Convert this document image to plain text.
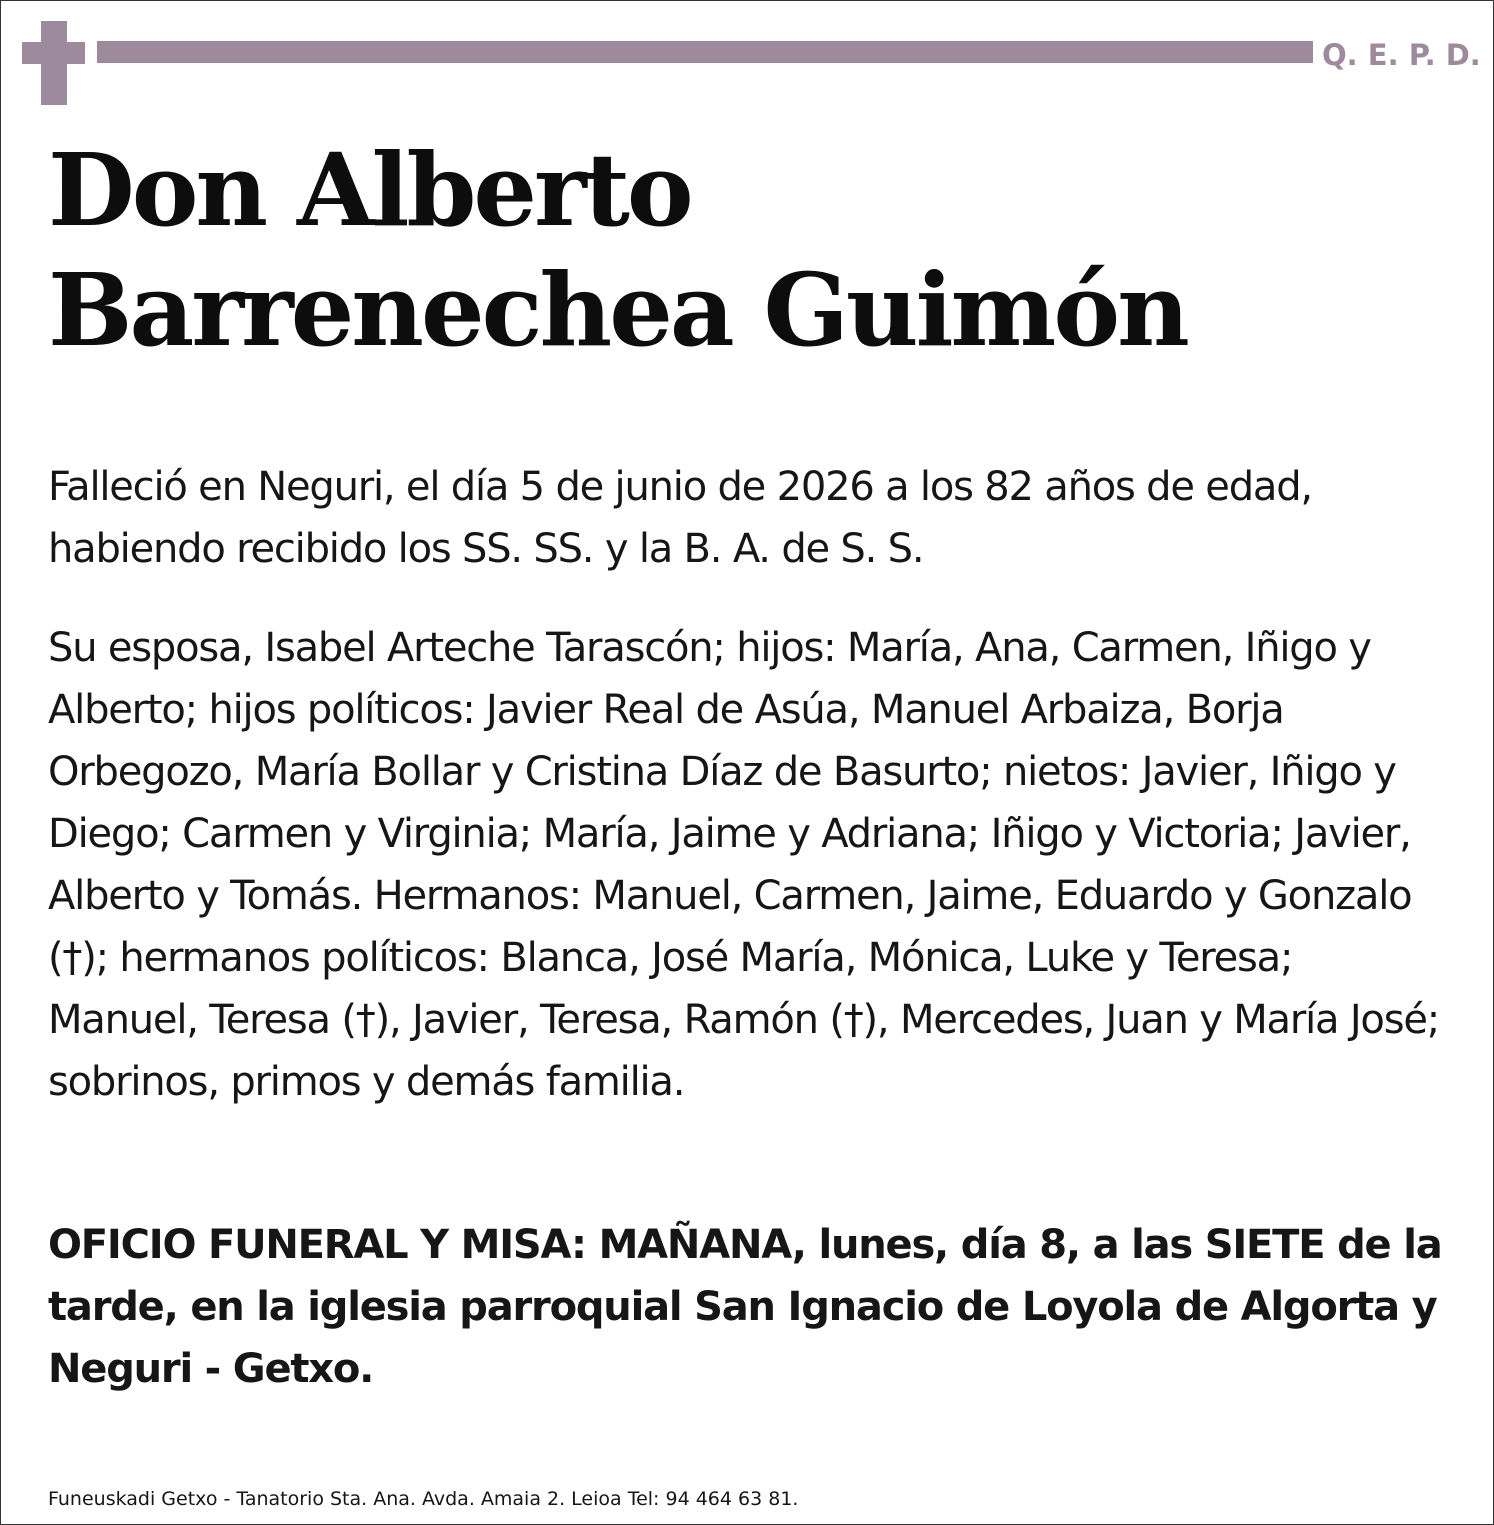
Q. E. P. D.
Don Alberto
Barrenechea Guimón

Falleció en Neguri, el día 5 de junio de 2026 a los 82 años de edad, habiendo recibido los SS. SS. y la B. A. de S. S.

Su esposa, Isabel Arteche Tarascón; hijos: María, Ana, Carmen, Iñigo y Alberto; hijos políticos: Javier Real de Asúa, Manuel Arbaiza, Borja Orbegozo, María Bollar y Cristina Díaz de Basurto; nietos: Javier, Iñigo y Diego; Carmen y Virginia; María, Jaime y Adriana; Iñigo y Victoria; Javier, Alberto y Tomás. Hermanos: Manuel, Carmen, Jaime, Eduardo y Gonzalo (†); hermanos políticos: Blanca, José María, Mónica, Luke y Teresa; Manuel, Teresa (†), Javier, Teresa, Ramón (†), Mercedes, Juan y María José; sobrinos, primos y demás familia.

OFICIO FUNERAL Y MISA: MAÑANA, lunes, día 8, a las SIETE de la tarde, en la iglesia parroquial San Ignacio de Loyola de Algorta y Neguri - Getxo.

Funeuskadi Getxo - Tanatorio Sta. Ana. Avda. Amaia 2. Leioa Tel: 94 464 63 81.
